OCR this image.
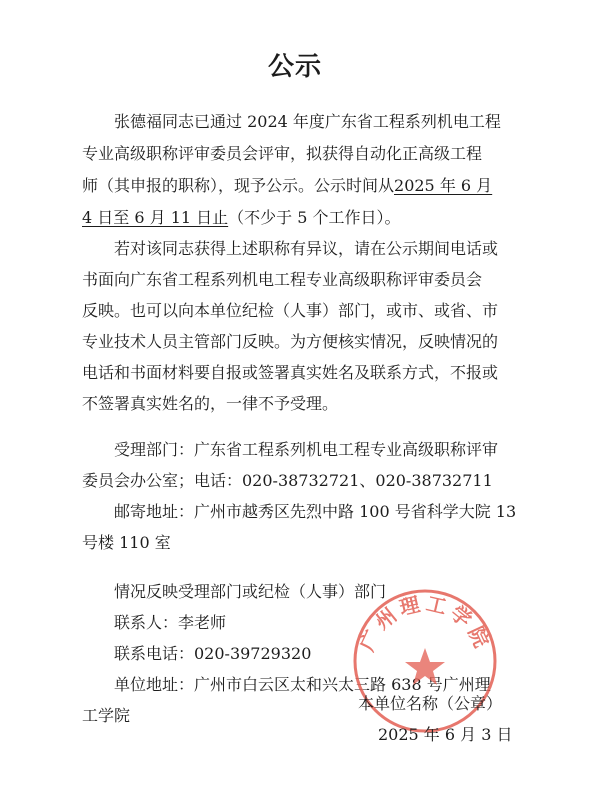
公示
张德福同志已通过 2024 年度广东省工程系列机电工程
专业高级职称评审委员会评审，拟获得自动化正高级工程
师（其申报的职称），现予公示。公示时间从2025 年 6 月
4 日至 6 月 11 日止（不少于 5 个工作日）。
若对该同志获得上述职称有异议，请在公示期间电话或
书面向广东省工程系列机电工程专业高级职称评审委员会
反映。也可以向本单位纪检（人事）部门，或市、或省、市
专业技术人员主管部门反映。为方便核实情况，反映情况的
电话和书面材料要自报或签署真实姓名及联系方式，不报或
不签署真实姓名的，一律不予受理。
受理部门：广东省工程系列机电工程专业高级职称评审
委员会办公室；电话：020-38732721、020-38732711
邮寄地址：广州市越秀区先烈中路 100 号省科学大院 13
号楼 110 室
情况反映受理部门或纪检（人事）部门
联系人：李老师
联系电话：020-39729320
单位地址：广州市白云区太和兴太三路 638 号广州理
工学院
广州理工学院
本单位名称（公章）
2025 年 6 月 3 日
